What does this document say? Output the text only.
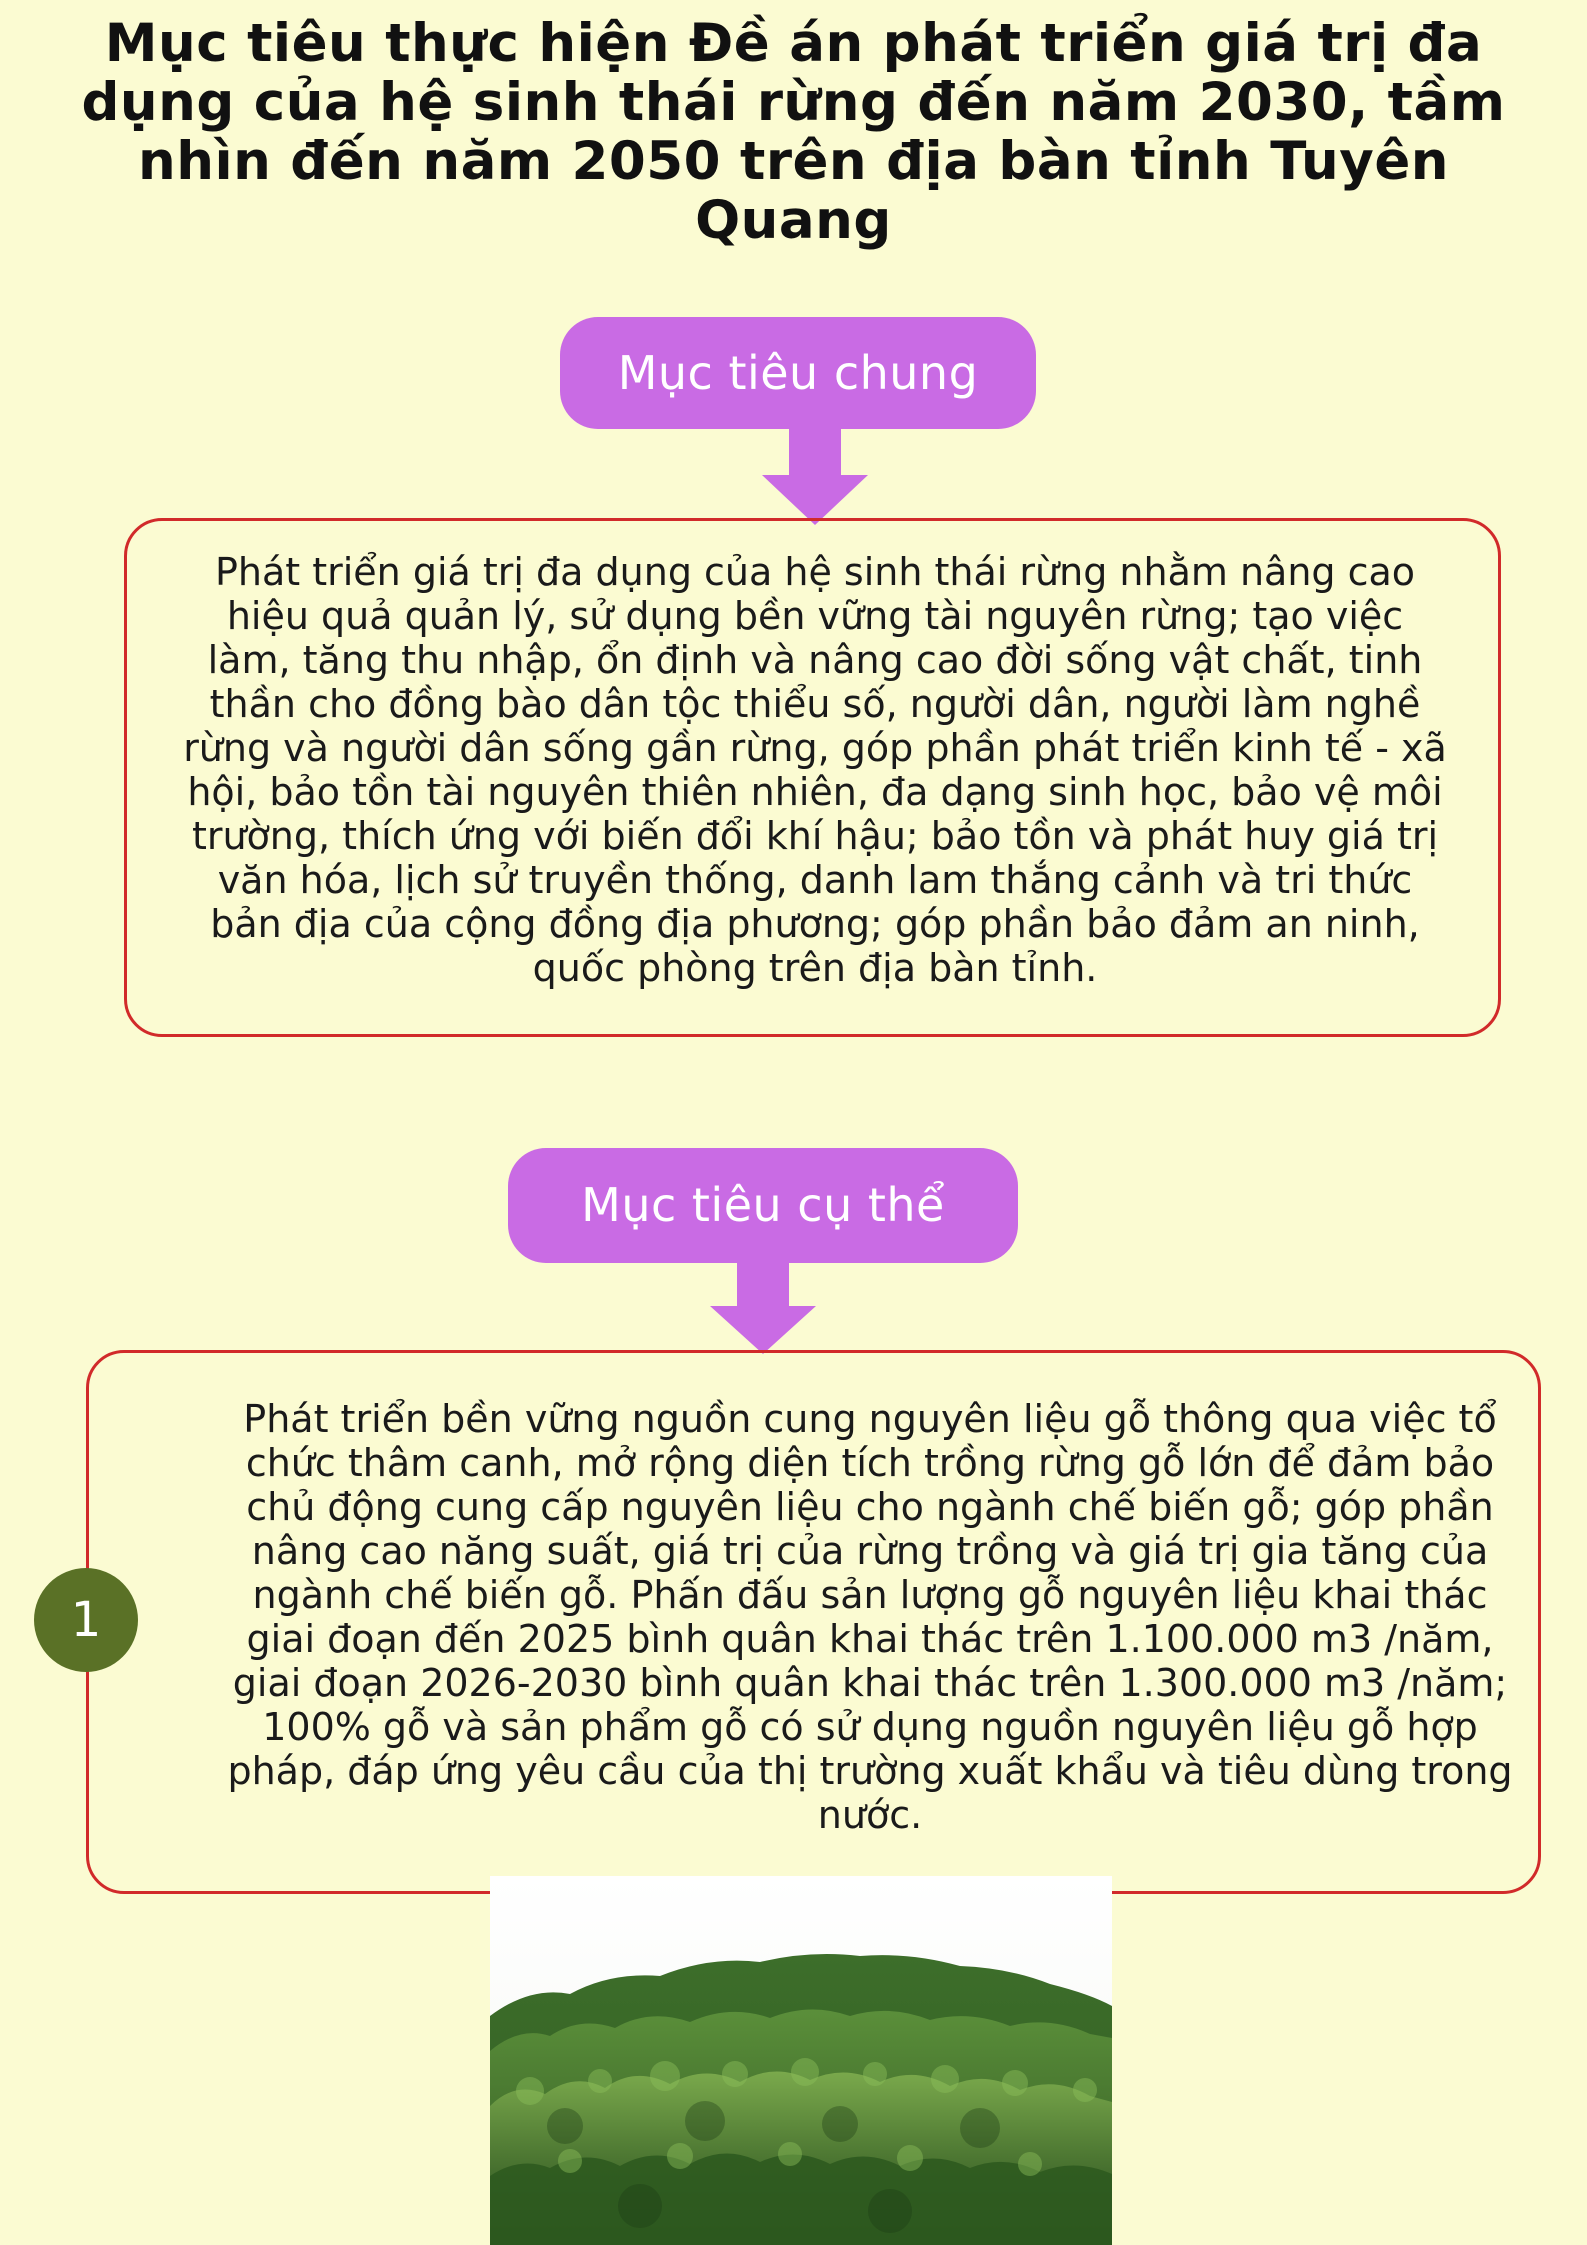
Mục tiêu thực hiện Đề án phát triển giá trị đa dụng của hệ sinh thái rừng đến năm 2030, tầm nhìn đến năm 2050 trên địa bàn tỉnh Tuyên Quang
Mục tiêu chung

Phát triển giá trị đa dụng của hệ sinh thái rừng nhằm nâng cao hiệu quả quản lý, sử dụng bền vững tài nguyên rừng; tạo việc làm, tăng thu nhập, ổn định và nâng cao đời sống vật chất, tinh thần cho đồng bào dân tộc thiểu số, người dân, người làm nghề rừng và người dân sống gần rừng, góp phần phát triển kinh tế - xã hội, bảo tồn tài nguyên thiên nhiên, đa dạng sinh học, bảo vệ môi trường, thích ứng với biến đổi khí hậu; bảo tồn và phát huy giá trị văn hóa, lịch sử truyền thống, danh lam thắng cảnh và tri thức bản địa của cộng đồng địa phương; góp phần bảo đảm an ninh, quốc phòng trên địa bàn tỉnh.

Mục tiêu cụ thể

Phát triển bền vững nguồn cung nguyên liệu gỗ thông qua việc tổ chức thâm canh, mở rộng diện tích trồng rừng gỗ lớn để đảm bảo chủ động cung cấp nguyên liệu cho ngành chế biến gỗ; góp phần nâng cao năng suất, giá trị của rừng trồng và giá trị gia tăng của ngành chế biến gỗ. Phấn đấu sản lượng gỗ nguyên liệu khai thác giai đoạn đến 2025 bình quân khai thác trên 1.100.000 m3 /năm, giai đoạn 2026-2030 bình quân khai thác trên 1.300.000 m3 /năm; 100% gỗ và sản phẩm gỗ có sử dụng nguồn nguyên liệu gỗ hợp pháp, đáp ứng yêu cầu của thị trường xuất khẩu và tiêu dùng trong nước.

1
